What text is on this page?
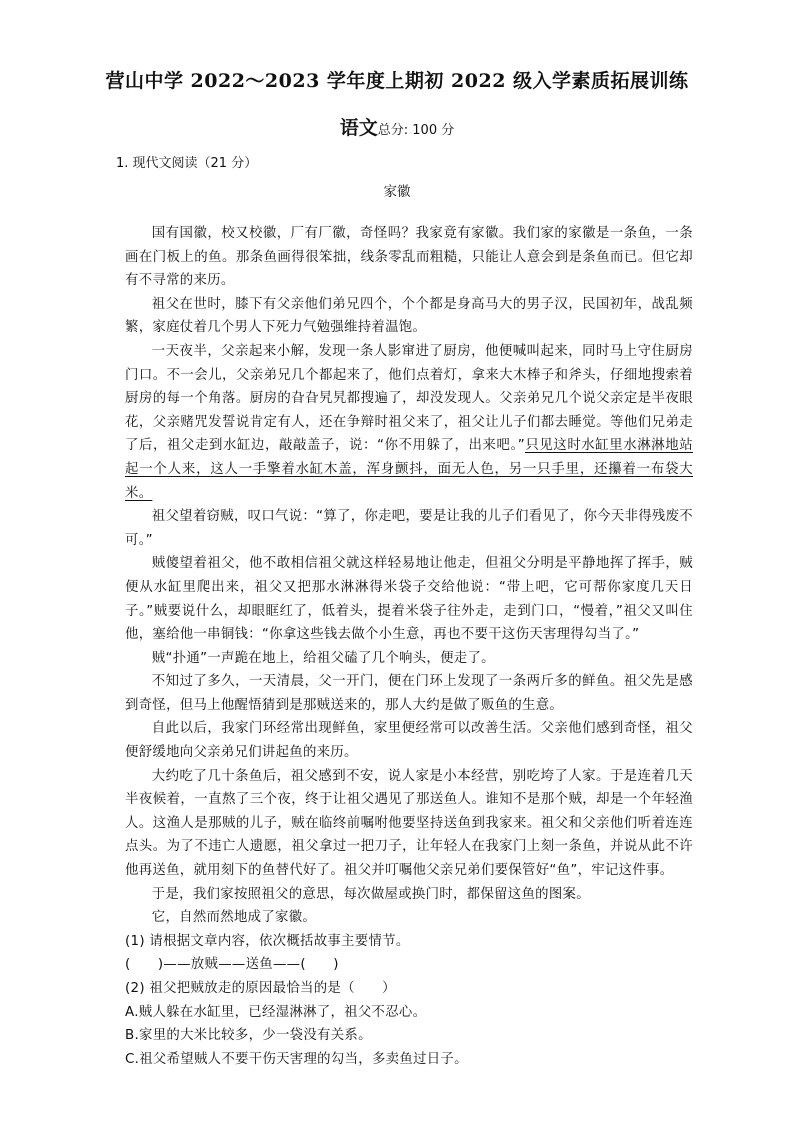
营山中学 2022～2023 学年度上期初 2022 级入学素质拓展训练
语文总分: 100 分
1. 现代文阅读（21 分）
家徽

国有国徽，校又校徽，厂有厂徽，奇怪吗？我家竟有家徽。我们家的家徽是一条鱼，一条画在门板上的鱼。那条鱼画得很笨拙，线条零乱而粗糙，只能让人意会到是条鱼而已。但它却有不寻常的来历。

祖父在世时，膝下有父亲他们弟兄四个，个个都是身高马大的男子汉，民国初年，战乱频繁，家庭仗着几个男人下死力气勉强维持着温饱。

一天夜半，父亲起来小解，发现一条人影窜进了厨房，他便喊叫起来，同时马上守住厨房门口。不一会儿，父亲弟兄几个都起来了，他们点着灯，拿来大木棒子和斧头，仔细地搜索着厨房的每一个角落。厨房的旮旮旯旯都搜遍了，却没发现人。父亲弟兄几个说父亲定是半夜眼花，父亲赌咒发誓说肯定有人，还在争辩时祖父来了，祖父让儿子们都去睡觉。等他们兄弟走了后，祖父走到水缸边，敲敲盖子，说：“你不用躲了，出来吧。”只见这时水缸里水淋淋地站起一个人来，这人一手擎着水缸木盖，浑身颤抖，面无人色，另一只手里，还攥着一布袋大米。

祖父望着窃贼，叹口气说：“算了，你走吧，要是让我的儿子们看见了，你今天非得残废不可。”

贼傻望着祖父，他不敢相信祖父就这样轻易地让他走，但祖父分明是平静地挥了挥手，贼便从水缸里爬出来，祖父又把那水淋淋得米袋子交给他说：“带上吧，它可帮你家度几天日子。”贼要说什么，却眼眶红了，低着头，提着米袋子往外走，走到门口，“慢着，”祖父又叫住他，塞给他一串铜钱：“你拿这些钱去做个小生意，再也不要干这伤天害理得勾当了。”

贼“扑通”一声跪在地上，给祖父磕了几个响头，便走了。

不知过了多久，一天清晨，父一开门，便在门环上发现了一条两斤多的鲜鱼。祖父先是感到奇怪，但马上他醒悟猜到是那贼送来的，那人大约是做了贩鱼的生意。

自此以后，我家门环经常出现鲜鱼，家里便经常可以改善生活。父亲他们感到奇怪，祖父便舒缓地向父亲弟兄们讲起鱼的来历。

大约吃了几十条鱼后，祖父感到不安，说人家是小本经营，别吃垮了人家。于是连着几天半夜候着，一直熬了三个夜，终于让祖父遇见了那送鱼人。谁知不是那个贼，却是一个年轻渔人。这渔人是那贼的儿子，贼在临终前嘱咐他要坚持送鱼到我家来。祖父和父亲他们听着连连点头。为了不违亡人遗愿，祖父拿过一把刀子，让年轻人在我家门上刻一条鱼，并说从此不许他再送鱼，就用刻下的鱼替代好了。祖父并叮嘱他父亲兄弟们要保管好“鱼”，牢记这件事。

于是，我们家按照祖父的意思，每次做屋或换门时，都保留这鱼的图案。

它，自然而然地成了家徽。

(1) 请根据文章内容，依次概括故事主要情节。

(　　)——放贼——送鱼——(　　)

(2) 祖父把贼放走的原因最恰当的是（　　）

A.贼人躲在水缸里，已经湿淋淋了，祖父不忍心。

B.家里的大米比较多，少一袋没有关系。

C.祖父希望贼人不要干伤天害理的勾当，多卖鱼过日子。
